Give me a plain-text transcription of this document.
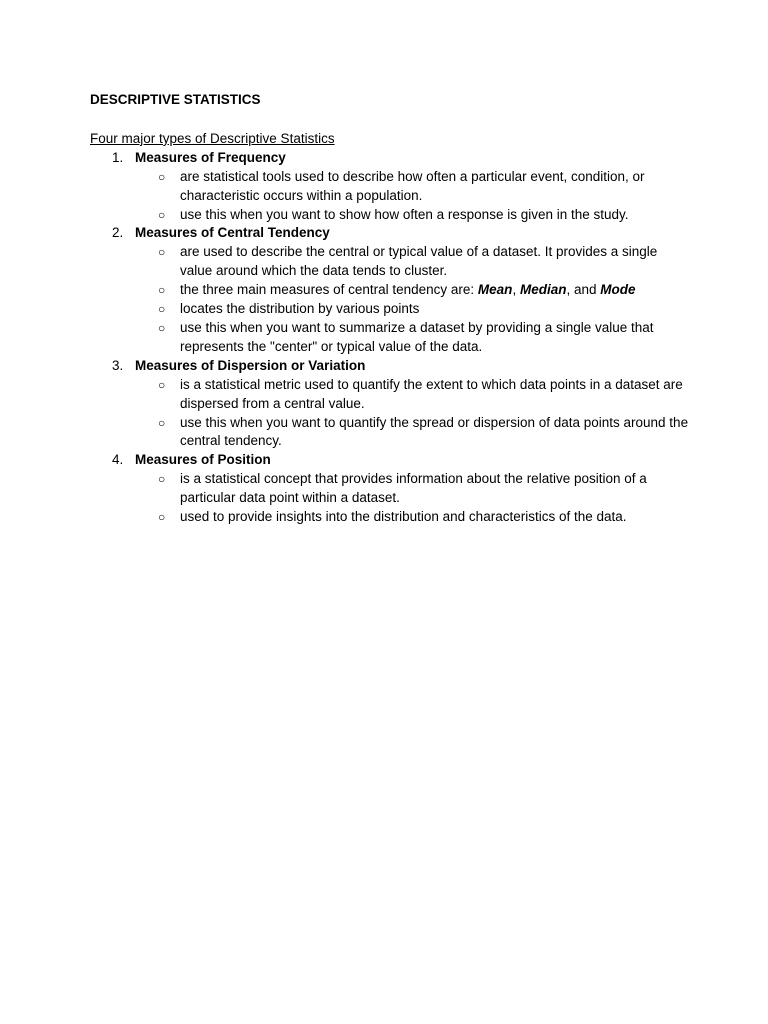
DESCRIPTIVE STATISTICS
Four major types of Descriptive Statistics
1. Measures of Frequency
○ are statistical tools used to describe how often a particular event, condition, or characteristic occurs within a population.
○ use this when you want to show how often a response is given in the study.
2. Measures of Central Tendency
○ are used to describe the central or typical value of a dataset. It provides a single value around which the data tends to cluster.
○ the three main measures of central tendency are: Mean, Median, and Mode
○ locates the distribution by various points
○ use this when you want to summarize a dataset by providing a single value that represents the "center" or typical value of the data.
3. Measures of Dispersion or Variation
○ is a statistical metric used to quantify the extent to which data points in a dataset are dispersed from a central value.
○ use this when you want to quantify the spread or dispersion of data points around the central tendency.
4. Measures of Position
○ is a statistical concept that provides information about the relative position of a particular data point within a dataset.
○ used to provide insights into the distribution and characteristics of the data.
